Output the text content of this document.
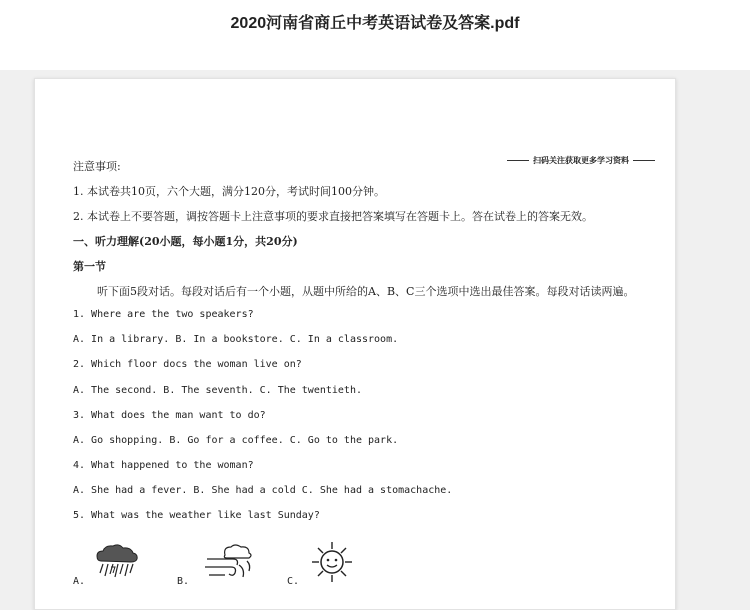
2020河南省商丘中考英语试卷及答案.pdf
扫码关注获取更多学习资料
注意事项:
1. 本试卷共10页，六个大题，满分120分，考试时间100分钟。
2. 本试卷上不要答题，调按答题卡上注意事项的要求直接把答案填写在答题卡上。答在试卷上的答案无效。
一、听力理解(20小题，每小题1分，共20分)
第一节
听下面5段对话。每段对话后有一个小题，从题中所给的A、B、C三个选项中选出最佳答案。每段对话读两遍。
1. Where are the two speakers?
A. In a library. B. In a bookstore. C. In a classroom.
2. Which floor docs the woman live on?
A. The second. B. The seventh. C. The twentieth.
3. What does the man want to do?
A. Go shopping. B. Go for a coffee. C. Go to the park.
4. What happened to the woman?
A. She had a fever. B. She had a cold C. She had a stomachache.
5. What was the weather like last Sunday?
A.	B.	C.
